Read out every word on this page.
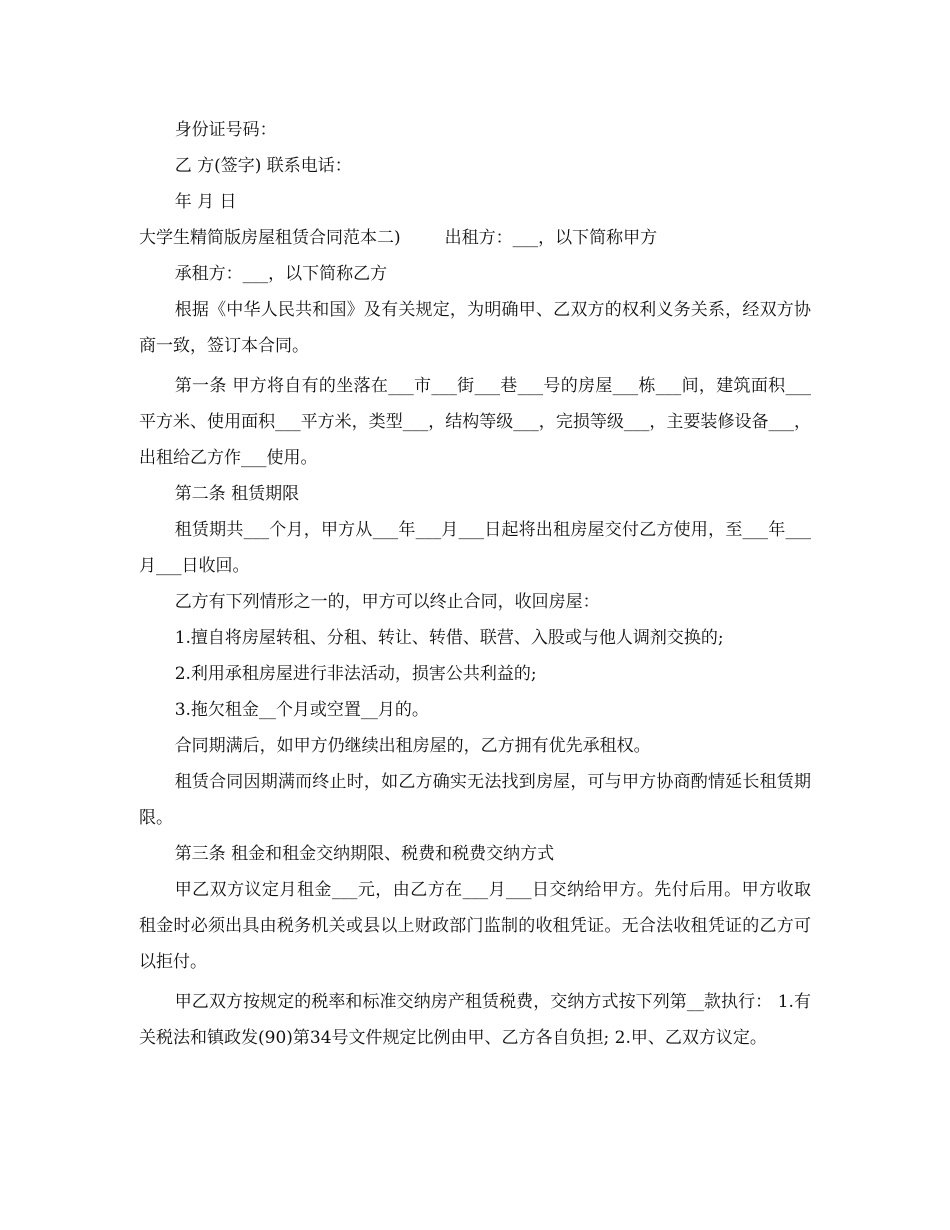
身份证号码：

乙 方(签字) 联系电话：

年 月 日

大学生精简版房屋租赁合同范本二)	出租方：___，以下简称甲方

承租方：___，以下简称乙方

根据《中华人民共和国》及有关规定，为明确甲、乙双方的权利义务关系，经双方协商一致，签订本合同。

第一条 甲方将自有的坐落在___市___街___巷___号的房屋___栋___间，建筑面积___平方米、使用面积___平方米，类型___，结构等级___，完损等级___，主要装修设备___，出租给乙方作___使用。

第二条 租赁期限

租赁期共___个月，甲方从___年___月___日起将出租房屋交付乙方使用，至___年___月___日收回。

乙方有下列情形之一的，甲方可以终止合同，收回房屋：

1.擅自将房屋转租、分租、转让、转借、联营、入股或与他人调剂交换的;

2.利用承租房屋进行非法活动，损害公共利益的;

3.拖欠租金__个月或空置__月的。

合同期满后，如甲方仍继续出租房屋的，乙方拥有优先承租权。

租赁合同因期满而终止时，如乙方确实无法找到房屋，可与甲方协商酌情延长租赁期限。

第三条 租金和租金交纳期限、税费和税费交纳方式

甲乙双方议定月租金___元，由乙方在___月___日交纳给甲方。先付后用。甲方收取租金时必须出具由税务机关或县以上财政部门监制的收租凭证。无合法收租凭证的乙方可以拒付。

甲乙双方按规定的税率和标准交纳房产租赁税费，交纳方式按下列第__款执行： 1.有关税法和镇政发(90)第34号文件规定比例由甲、乙方各自负担; 2.甲、乙双方议定。
